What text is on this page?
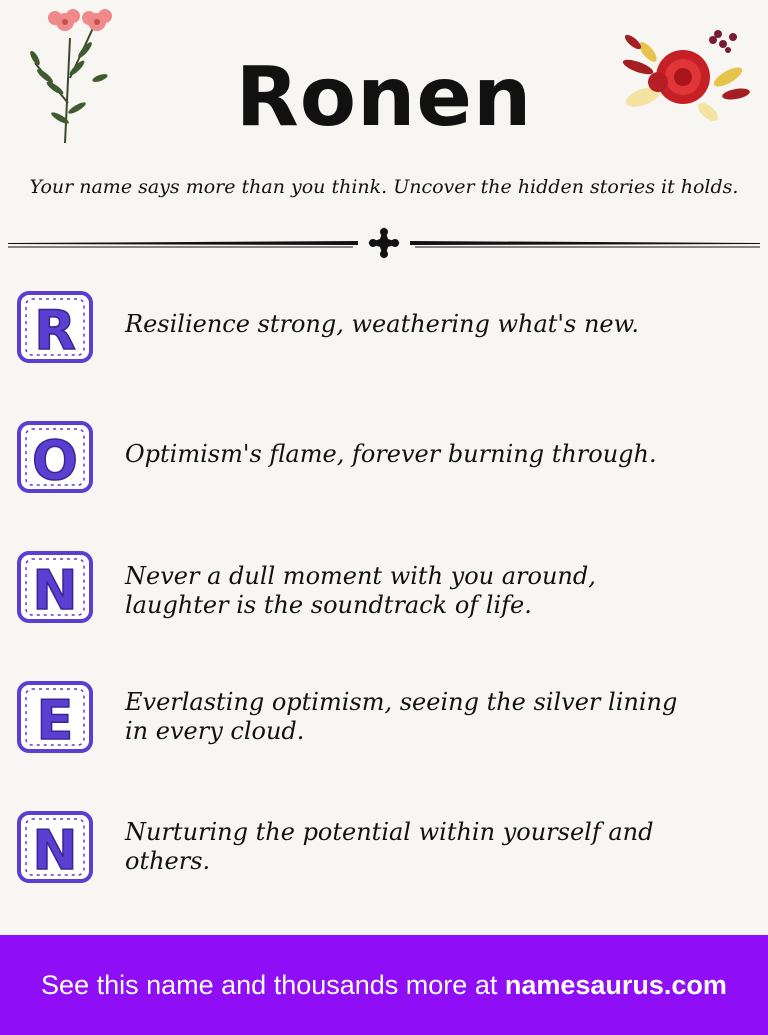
Ronen
Your name says more than you think. Uncover the hidden stories it holds.
R Resilience strong, weathering what's new.
O Optimism's flame, forever burning through.
N Never a dull moment with you around, laughter is the soundtrack of life.
E Everlasting optimism, seeing the silver lining in every cloud.
N Nurturing the potential within yourself and others.
See this name and thousands more at namesaurus.com
